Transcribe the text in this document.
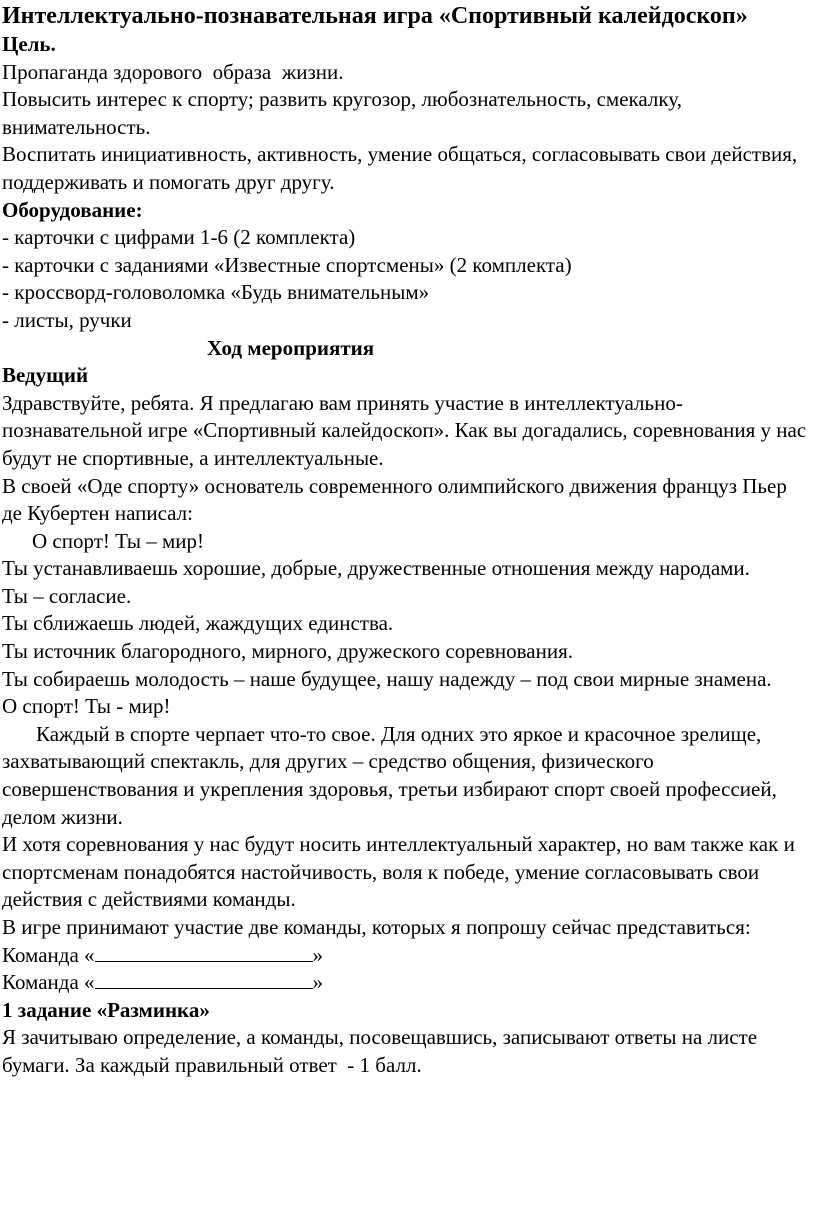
Интеллектуально-познавательная игра «Спортивный калейдоскоп»

Цель.

Пропаганда здорового  образа  жизни.

Повысить интерес к спорту; развить кругозор, любознательность, смекалку, внимательность.

Воспитать инициативность, активность, умение общаться, согласовывать свои действия, поддерживать и помогать друг другу.

Оборудование:

- карточки с цифрами 1-6 (2 комплекта)

- карточки с заданиями «Известные спортсмены» (2 комплекта)

- кроссворд-головоломка «Будь внимательным»

- листы, ручки

Ход мероприятия

Ведущий

Здравствуйте, ребята. Я предлагаю вам принять участие в интеллектуально-познавательной игре «Спортивный калейдоскоп». Как вы догадались, соревнования у нас будут не спортивные, а интеллектуальные.

В своей «Оде спорту» основатель современного олимпийского движения француз Пьер де Кубертен написал:

О спорт! Ты – мир!

Ты устанавливаешь хорошие, добрые, дружественные отношения между народами.

Ты – согласие.

Ты сближаешь людей, жаждущих единства.

Ты источник благородного, мирного, дружеского соревнования.

Ты собираешь молодость – наше будущее, нашу надежду – под свои мирные знамена.

О спорт! Ты - мир!

Каждый в спорте черпает что-то свое. Для одних это яркое и красочное зрелище, захватывающий спектакль, для других – средство общения, физического совершенствования и укрепления здоровья, третьи избирают спорт своей профессией, делом жизни.

И хотя соревнования у нас будут носить интеллектуальный характер, но вам также как и спортсменам понадобятся настойчивость, воля к победе, умение согласовывать свои действия с действиями команды.

В игре принимают участие две команды, которых я попрошу сейчас представиться:

Команда «	»

Команда «	»

1 задание «Разминка»

Я зачитываю определение, а команды, посовещавшись, записывают ответы на листе бумаги. За каждый правильный ответ  - 1 балл.
